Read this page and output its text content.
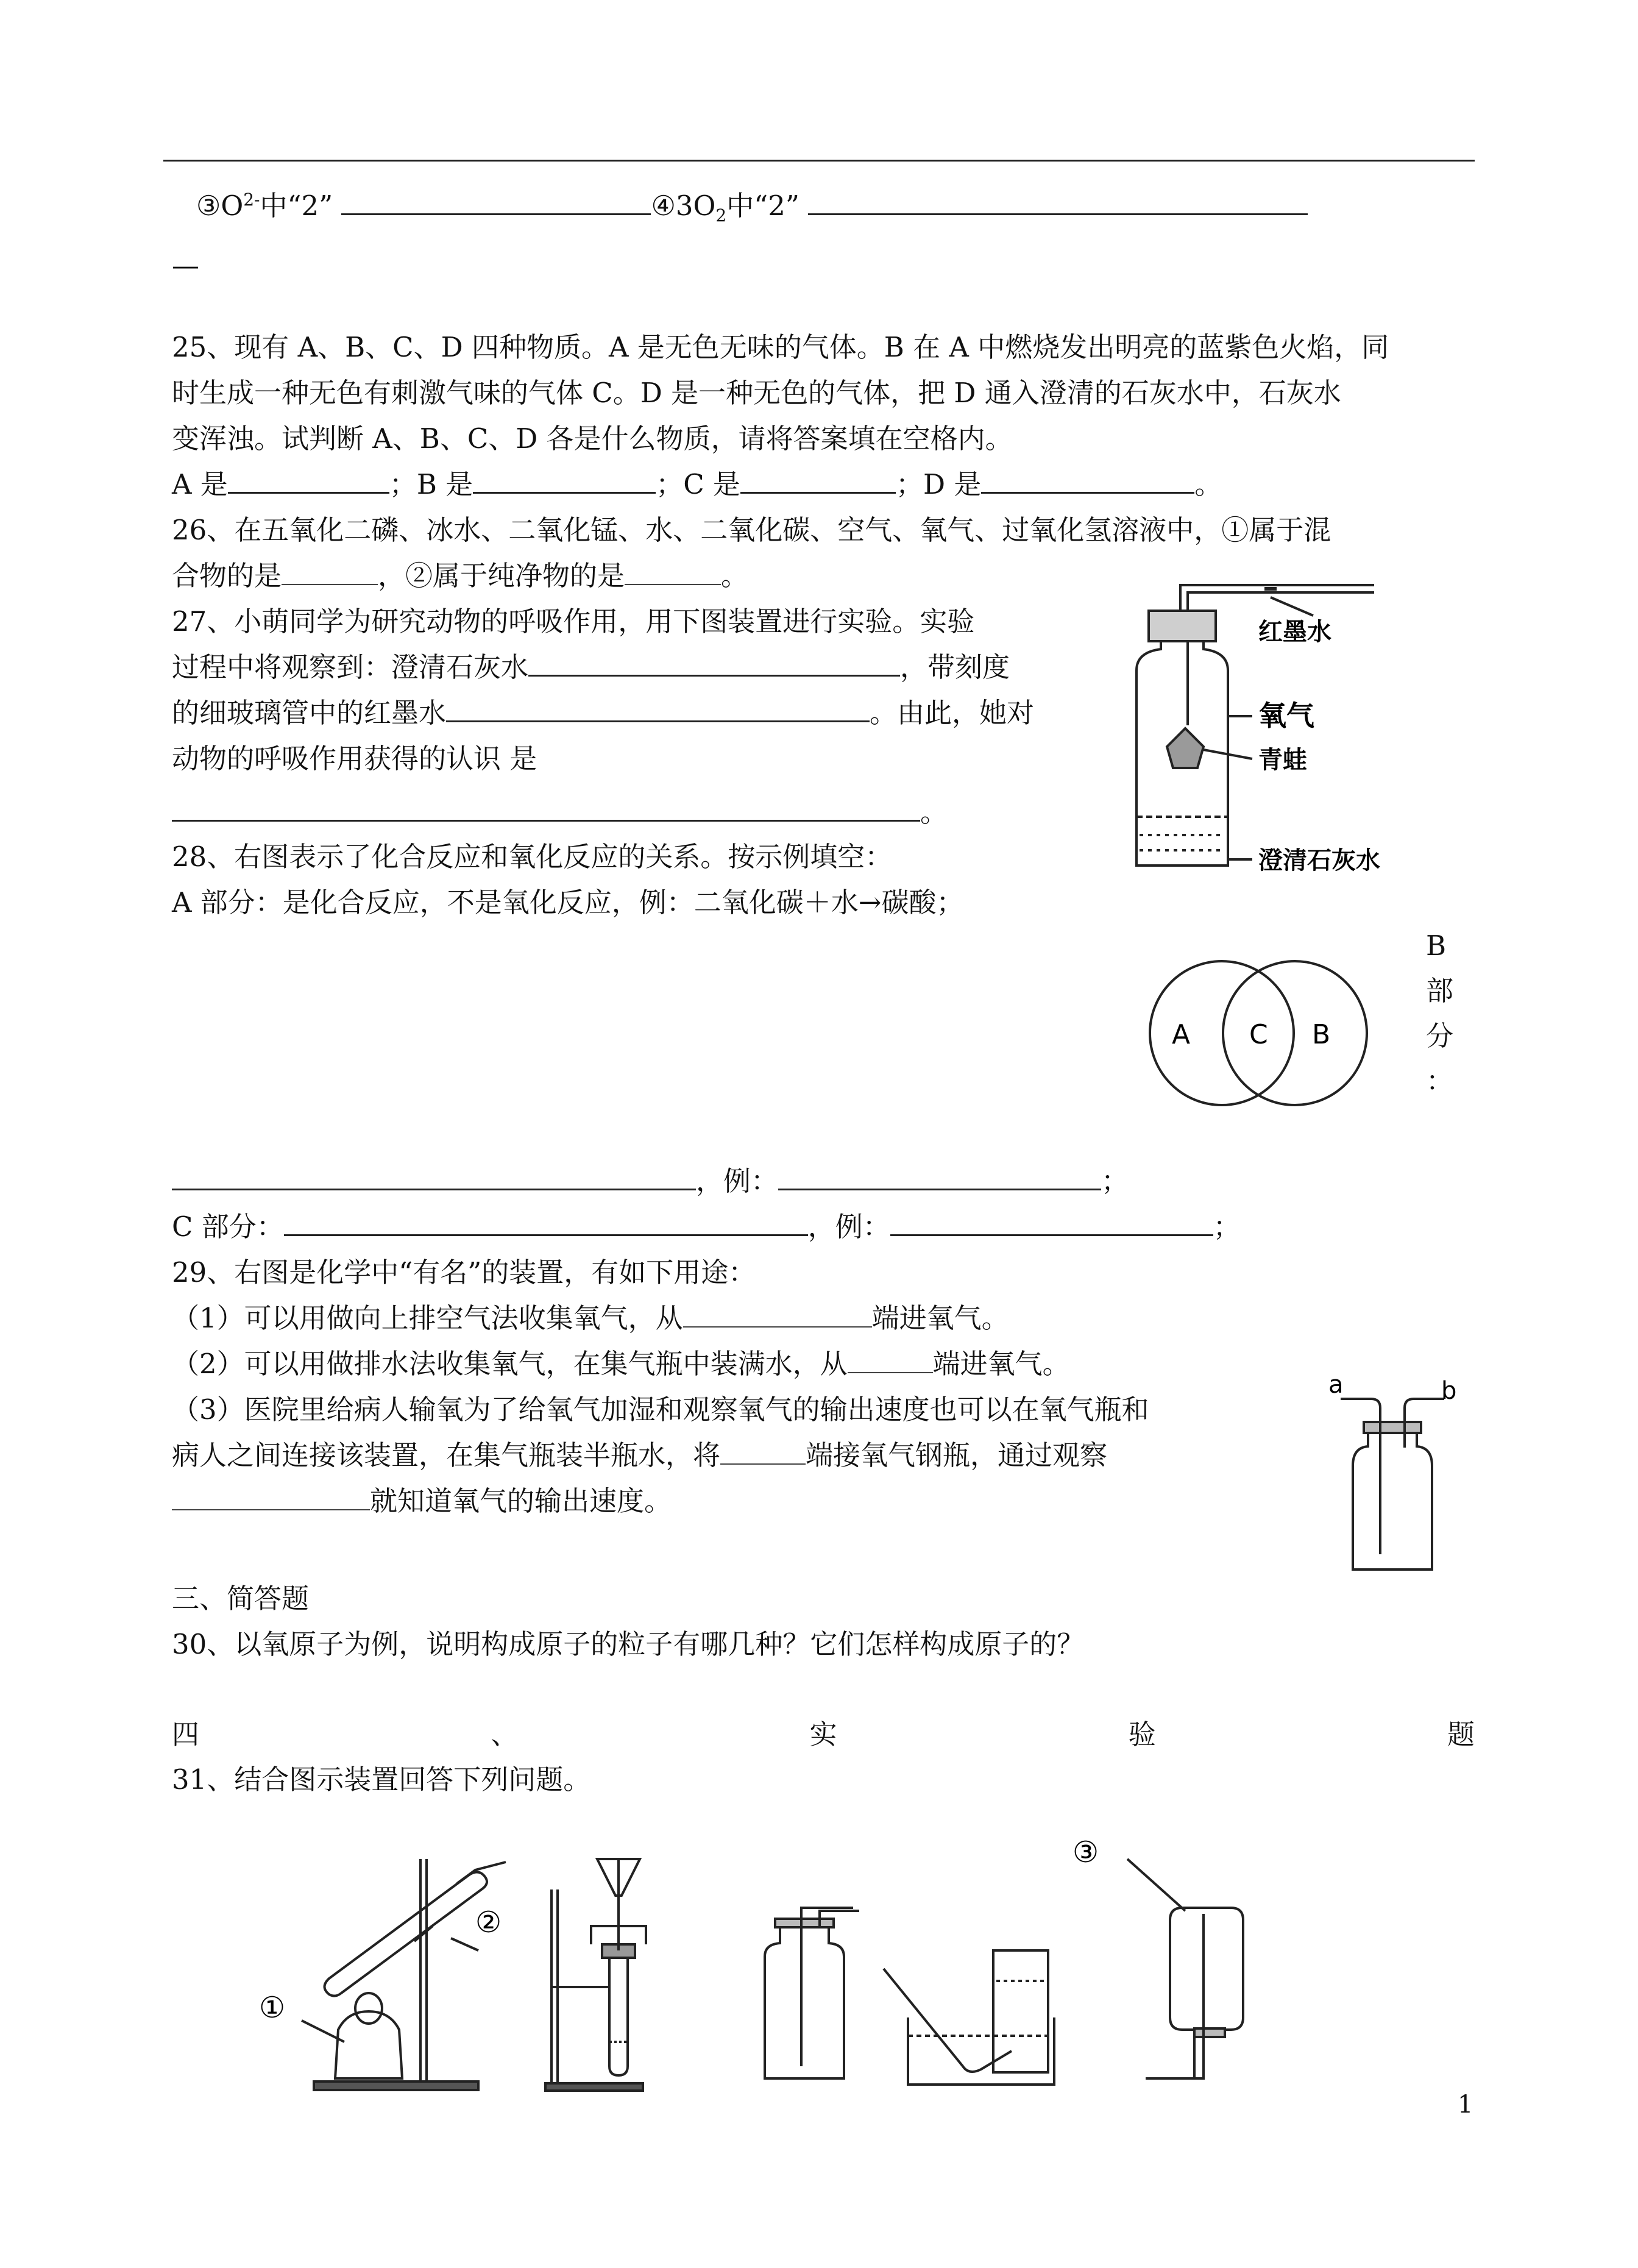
$③O^{2-}$中“2”	$④3O_2$中“2”
—
25、现有 A、B、C、D 四种物质。A 是无色无味的气体。B 在 A 中燃烧发出明亮的蓝紫色火焰，同
时生成一种无色有刺激气味的气体 C。D 是一种无色的气体，把 D 通入澄清的石灰水中，石灰水
变浑浊。试判断 A、B、C、D 各是什么物质，请将答案填在空格内。
A 是	；B 是	；C 是	；D 是	。
26、在五氧化二磷、冰水、二氧化锰、水、二氧化碳、空气、氧气、过氧化氢溶液中，①属于混
合物的是	，②属于纯净物的是	。
27、小萌同学为研究动物的呼吸作用，用下图装置进行实验。实验
过程中将观察到：澄清石灰水	，带刻度
的细玻璃管中的红墨水	。由此，她对
动物的呼吸作用获得的认识 是
。
红墨水
氧气
青蛙
澄清石灰水
28、右图表示了化合反应和氧化反应的关系。按示例填空：
A 部分：是化合反应，不是氧化反应，例：二氧化碳＋水→碳酸；
A C B
B
部
分
：
，例：	；
C 部分：	，例：	；
29、右图是化学中“有名”的装置，有如下用途：
（1）可以用做向上排空气法收集氧气，从	端进氧气。
（2）可以用做排水法收集氧气，在集气瓶中装满水，从	端进氧气。
（3）医院里给病人输氧为了给氧气加湿和观察氧气的输出速度也可以在氧气瓶和
病人之间连接该装置，在集气瓶装半瓶水，将	端接氧气钢瓶，通过观察
就知道氧气的输出速度。
a	b
三、简答题
30、以氧原子为例，说明构成原子的粒子有哪几种？它们怎样构成原子的？
四	、	实	验	题
31、结合图示装置回答下列问题。
①
②
③
1
